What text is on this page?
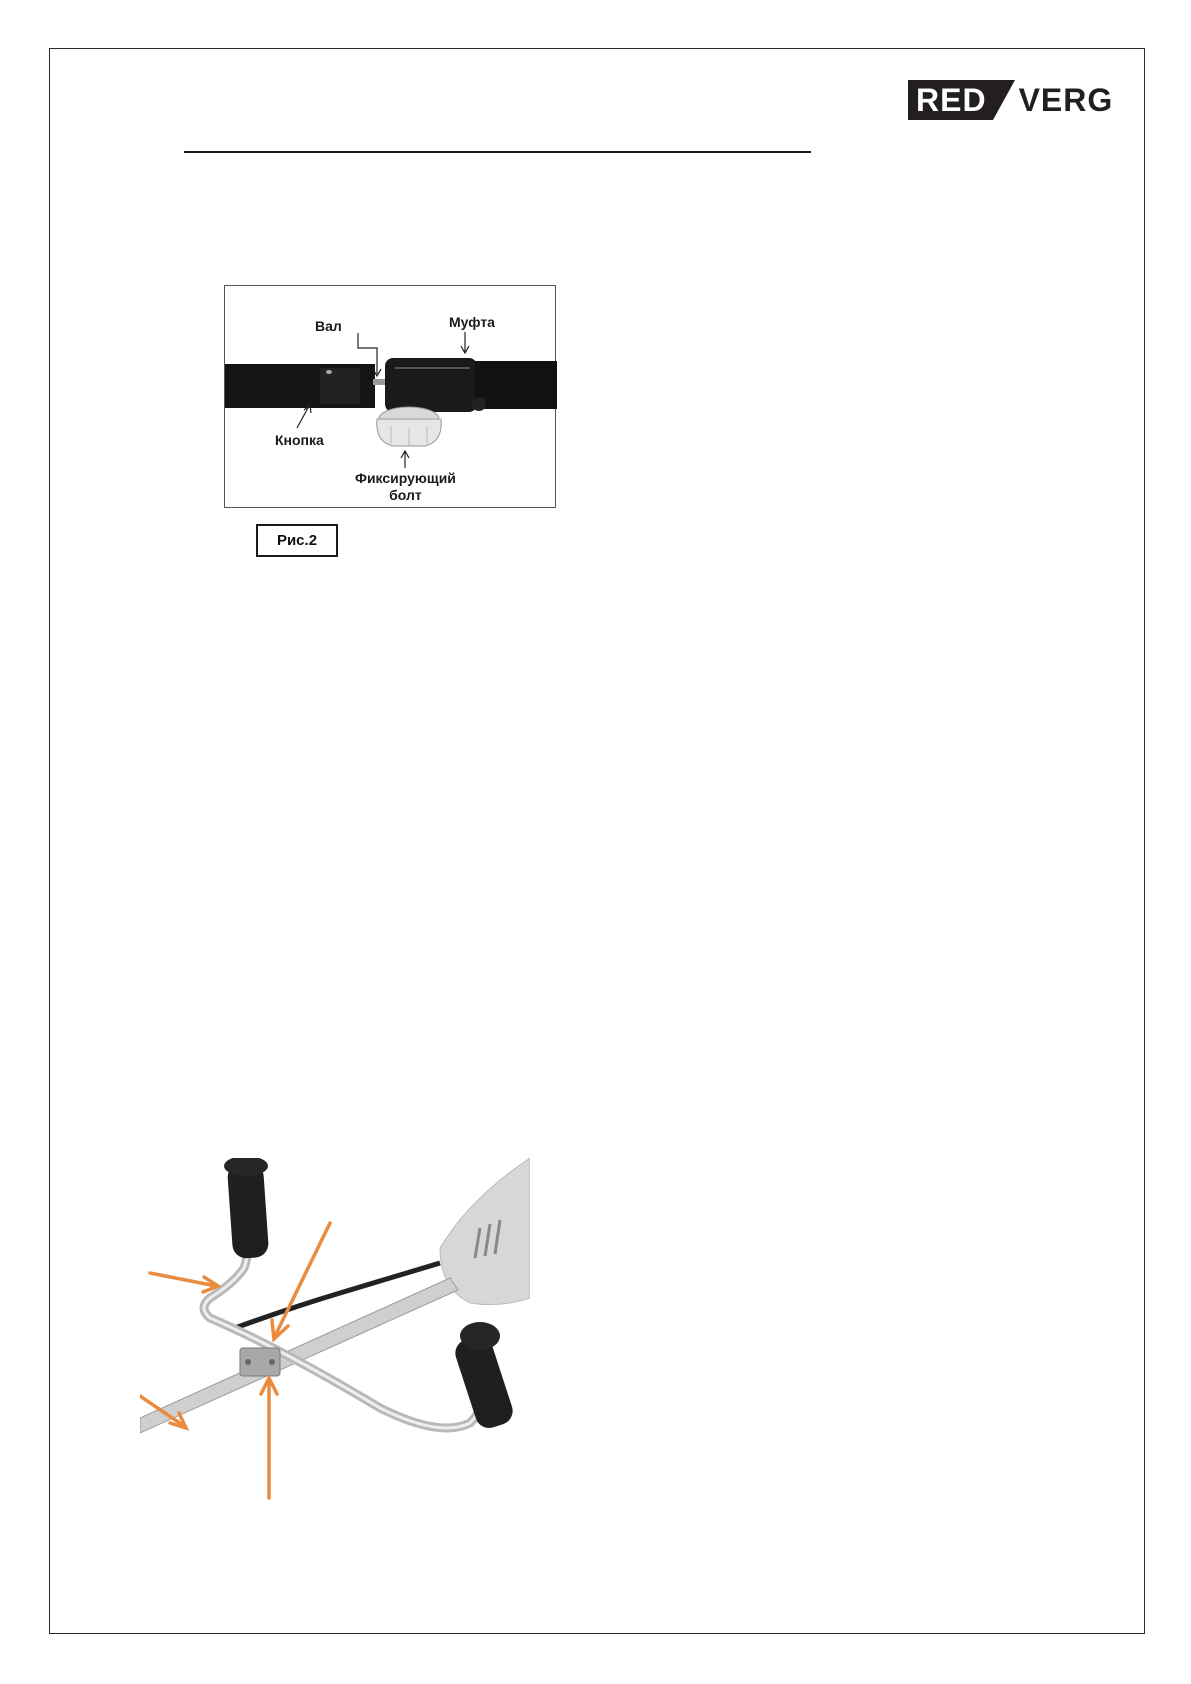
RED VERG
Вал	Муфта
Кнопка
Фиксирующий
болт
Рис.2
